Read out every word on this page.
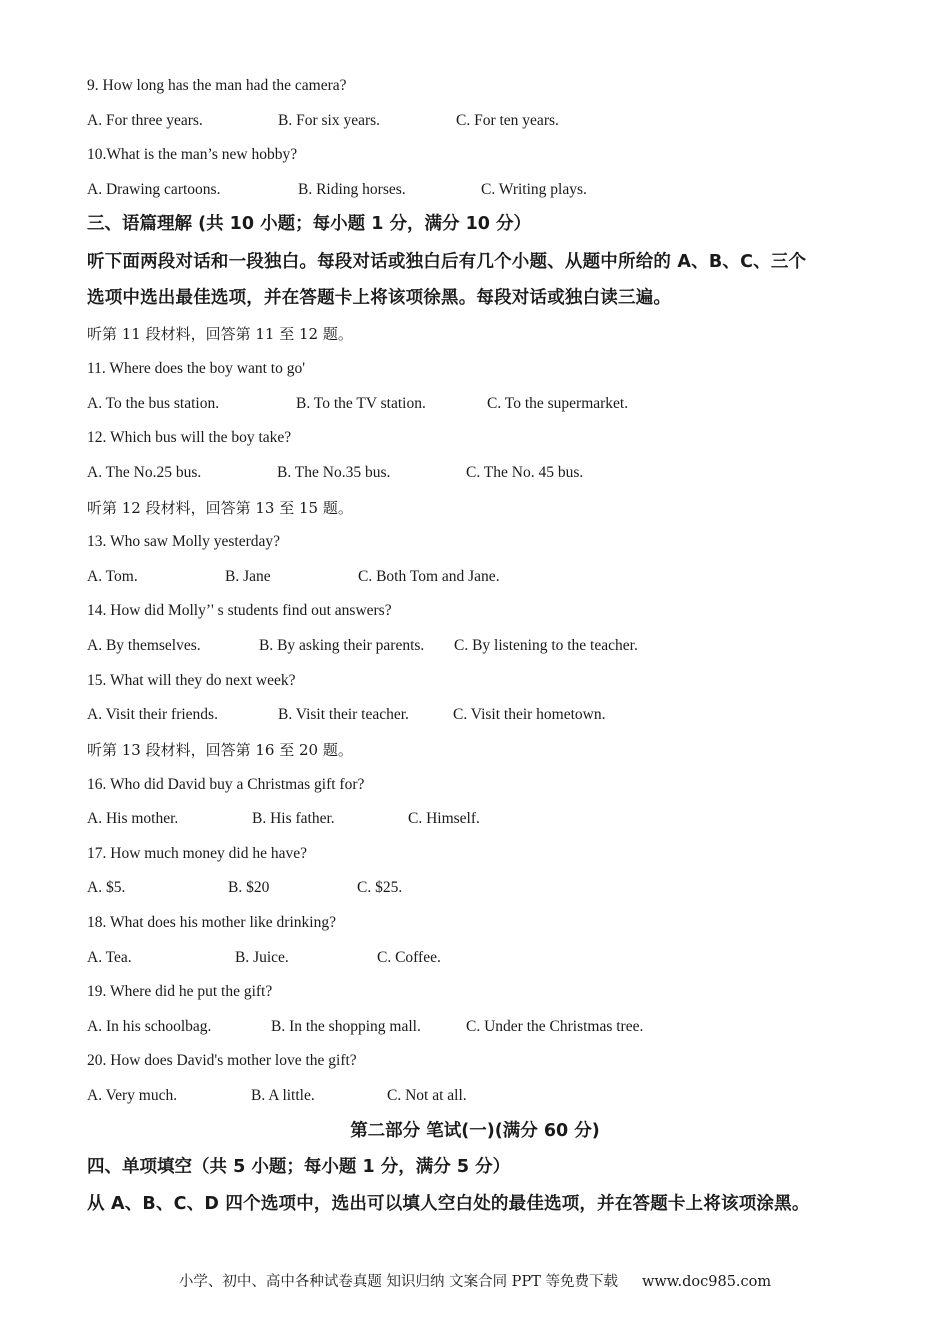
9. How long has the man had the camera?
A. For three years.	B. For six years.	C. For ten years.
10.What is the man’s new hobby?
A. Drawing cartoons.	B. Riding horses.	C. Writing plays.
三、语篇理解 (共 10 小题；每小题 1 分，满分 10 分）
听下面两段对话和一段独白。每段对话或独白后有几个小题、从题中所给的 A、B、C、三个
选项中选出最佳选项，并在答题卡上将该项徐黑。每段对话或独白读三遍。
听第 11 段材料，回答第 11 至 12 题。
11. Where does the boy want to go'
A. To the bus station.	B. To the TV station.	C. To the supermarket.
12. Which bus will the boy take?
A. The No.25 bus.	B. The No.35 bus.	C. The No. 45 bus.
听第 12 段材料，回答第 13 至 15 题。
13. Who saw Molly yesterday?
A. Tom.	B. Jane	C. Both Tom and Jane.
14. How did Molly’' s students find out answers?
A. By themselves.	B. By asking their parents. C. By listening to the teacher.
15. What will they do next week?
A. Visit their friends.	B. Visit their teacher.	C. Visit their hometown.
听第 13 段材料，回答第 16 至 20 题。
16. Who did David buy a Christmas gift for?
A. His mother.	B. His father.	C. Himself.
17. How much money did he have?
A. $5.	B. $20	C. $25.
18. What does his mother like drinking?
A. Tea.	B. Juice.	C. Coffee.
19. Where did he put the gift?
A. In his schoolbag.	B. In the shopping mall.	C. Under the Christmas tree.
20. How does David's mother love the gift?
A. Very much.	B. A little.	C. Not at all.
第二部分 笔试(一)(满分 60 分)
四、单项填空（共 5 小题；每小题 1 分，满分 5 分）
从 A、B、C、D 四个选项中，选出可以填人空白处的最佳选项，并在答题卡上将该项涂黑。
小学、初中、高中各种试卷真题 知识归纳 文案合同 PPT 等免费下载 www.doc985.com
